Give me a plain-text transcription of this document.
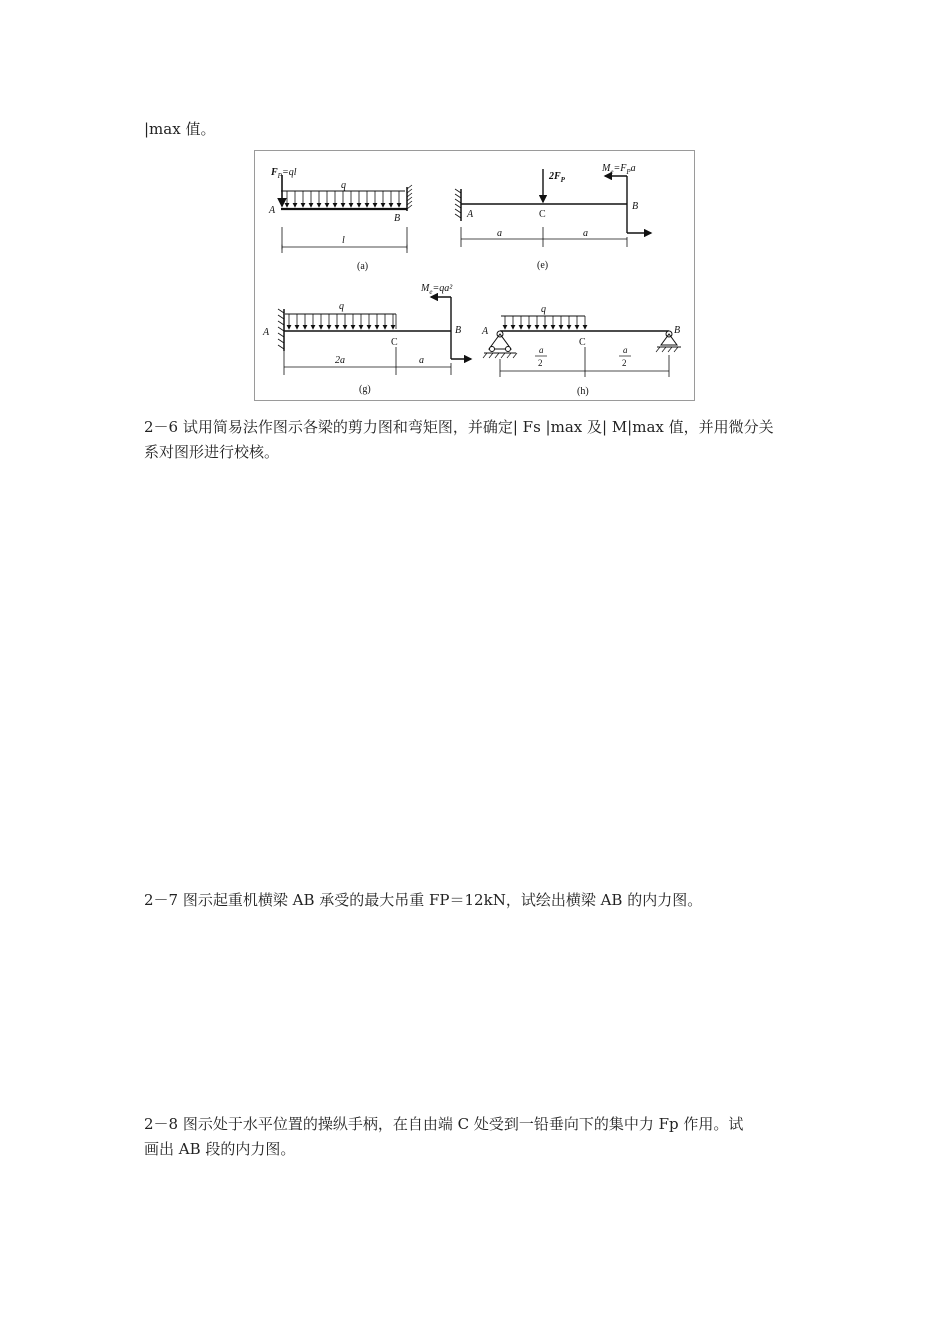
|max 值。
$F_P=ql$
q
A
B
l
(a)
$2F_P$
$M_e=F_Pa$
A	C
B
a	a
(e)
q
$M_e=qa^2$
A
C
B
2a	a
(g)
q
A
C
B
a
2
a
2
(h)
2－6 试用简易法作图示各梁的剪力图和弯矩图，并确定| Fs |max 及| M|max 值，并用微分关
系对图形进行校核。
2－7 图示起重机横梁 AB 承受的最大吊重 FP＝12kN，试绘出横梁 AB 的内力图。
2－8 图示处于水平位置的操纵手柄，在自由端 C 处受到一铅垂向下的集中力 Fp 作用。试
画出 AB 段的内力图。
